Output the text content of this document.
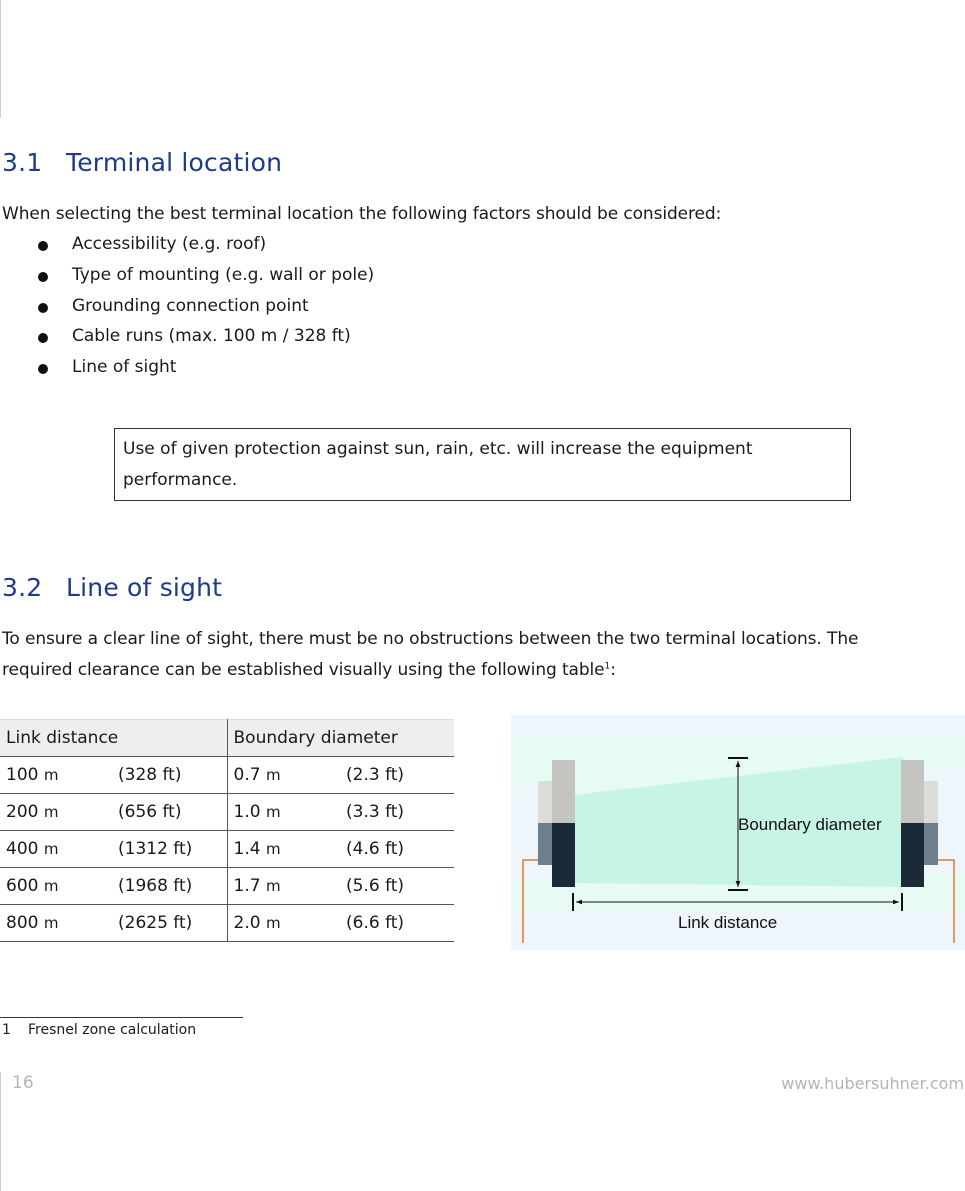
3.1 Terminal location

When selecting the best terminal location the following factors should be considered:

Accessibility (e.g. roof)
Type of mounting (e.g. wall or pole)
Grounding connection point
Cable runs (max. 100 m / 328 ft)
Line of sight
Use of given protection against sun, rain, etc. will increase the equipment performance.
3.2 Line of sight

To ensure a clear line of sight, there must be no obstructions between the two terminal locations. The required clearance can be established visually using the following table$^1$:

Link distance		Boundary diameter	
100 m	(328 ft)	0.7 m	(2.3 ft)
200 m	(656 ft)	1.0 m	(3.3 ft)
400 m	(1312 ft)	1.4 m	(4.6 ft)
600 m	(1968 ft)	1.7 m	(5.6 ft)
800 m	(2625 ft)	2.0 m	(6.6 ft)
Boundary diameter
Link distance
1 Fresnel zone calculation
16	www.hubersuhner.com
